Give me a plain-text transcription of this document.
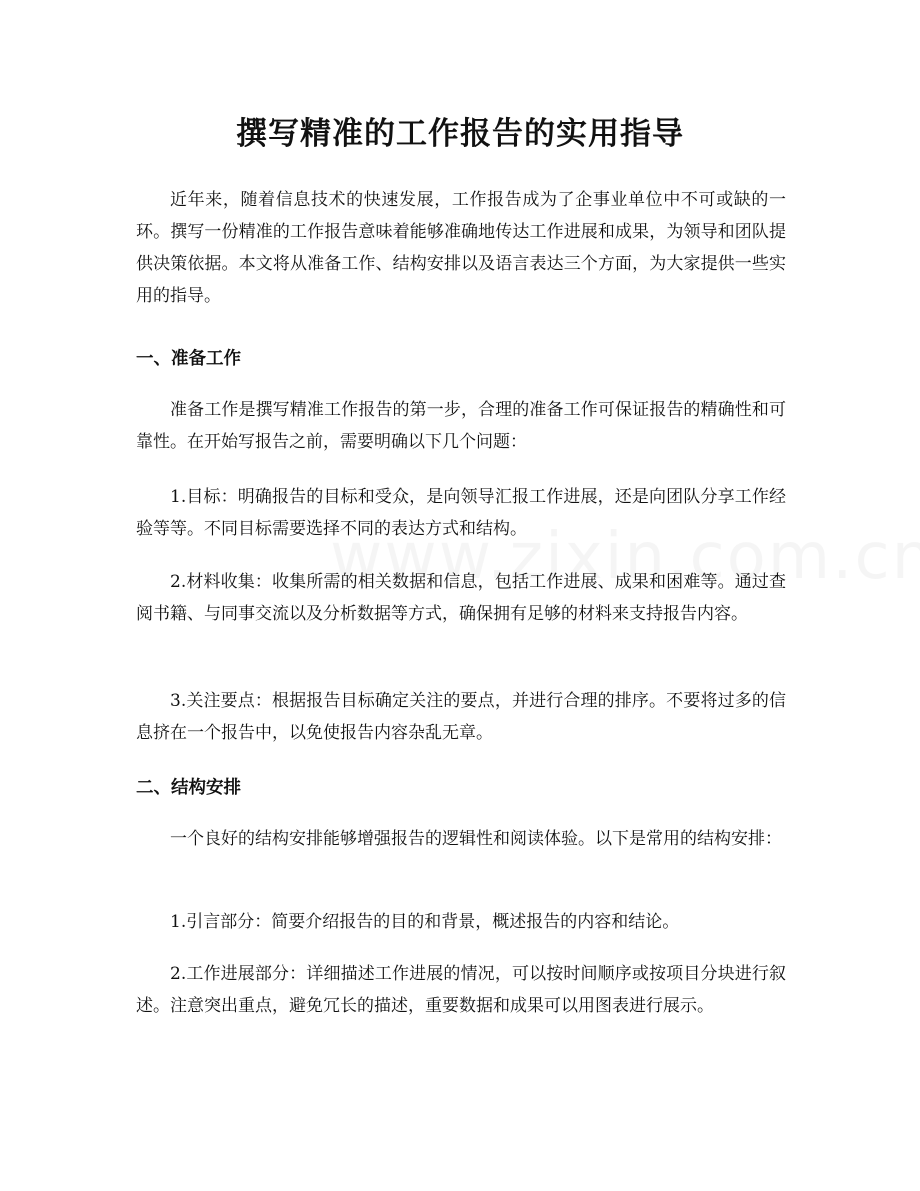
撰写精准的工作报告的实用指导

近年来，随着信息技术的快速发展，工作报告成为了企事业单位中不可或缺的一环。撰写一份精准的工作报告意味着能够准确地传达工作进展和成果，为领导和团队提供决策依据。本文将从准备工作、结构安排以及语言表达三个方面，为大家提供一些实用的指导。

一、准备工作

准备工作是撰写精准工作报告的第一步，合理的准备工作可保证报告的精确性和可靠性。在开始写报告之前，需要明确以下几个问题：

1.目标：明确报告的目标和受众，是向领导汇报工作进展，还是向团队分享工作经验等等。不同目标需要选择不同的表达方式和结构。

2.材料收集：收集所需的相关数据和信息，包括工作进展、成果和困难等。通过查阅书籍、与同事交流以及分析数据等方式，确保拥有足够的材料来支持报告内容。

3.关注要点：根据报告目标确定关注的要点，并进行合理的排序。不要将过多的信息挤在一个报告中，以免使报告内容杂乱无章。

二、结构安排

一个良好的结构安排能够增强报告的逻辑性和阅读体验。以下是常用的结构安排：

1.引言部分：简要介绍报告的目的和背景，概述报告的内容和结论。

2.工作进展部分：详细描述工作进展的情况，可以按时间顺序或按项目分块进行叙述。注意突出重点，避免冗长的描述，重要数据和成果可以用图表进行展示。
